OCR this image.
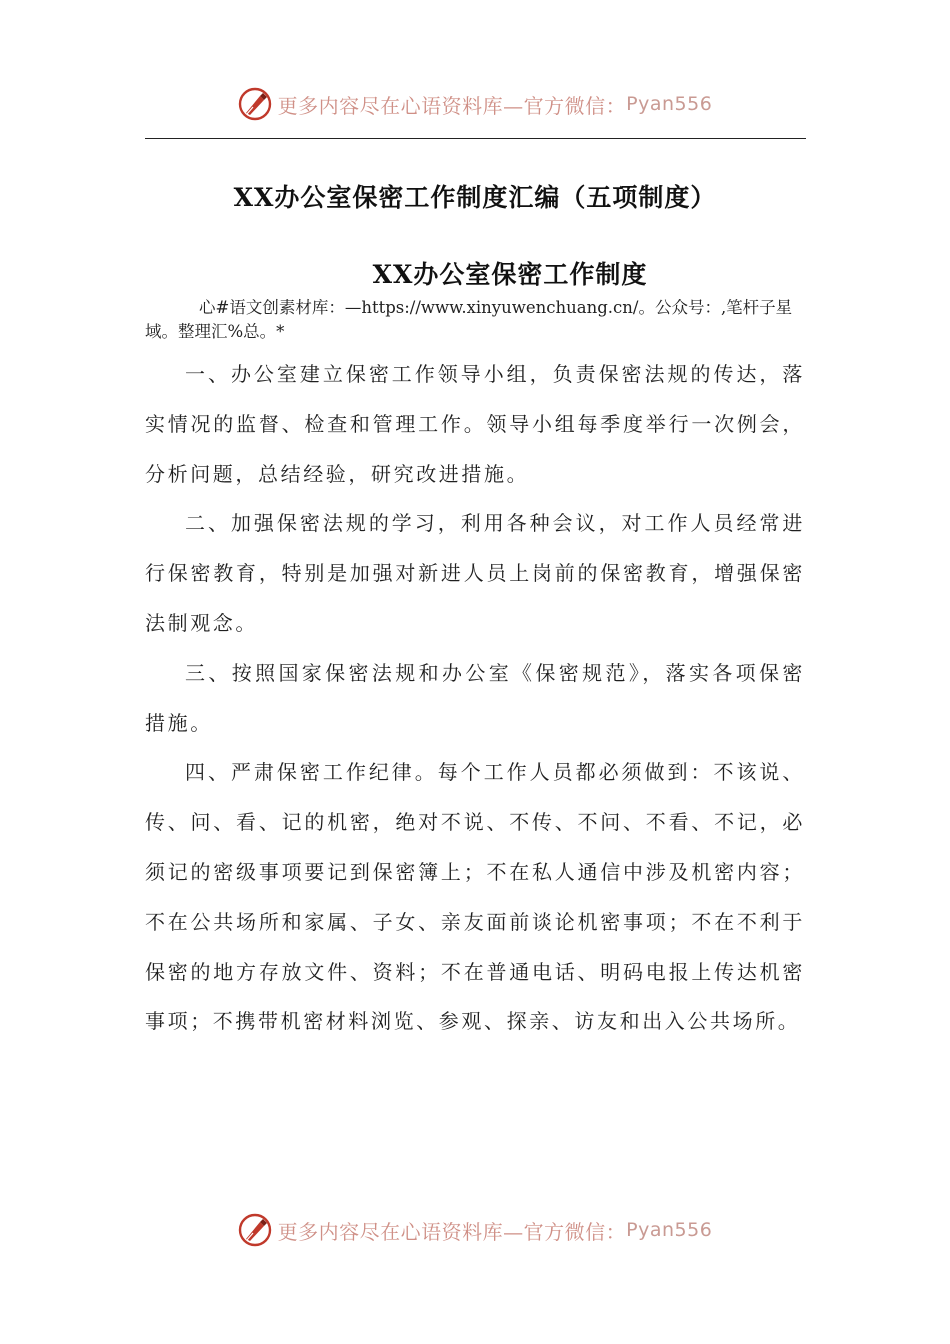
更多内容尽在心语资料库—官方微信： Pyan556
XX办公室保密工作制度汇编（五项制度）
XX办公室保密工作制度
心#语文创素材库：—https://www.xinyuwenchuang.cn/。公众号：,笔杆子星域。整理汇%总。*

一、办公室建立保密工作领导小组，负责保密法规的传达，落实情况的监督、检查和管理工作。领导小组每季度举行一次例会，分析问题，总结经验，研究改进措施。

二、加强保密法规的学习，利用各种会议，对工作人员经常进行保密教育，特别是加强对新进人员上岗前的保密教育，增强保密法制观念。

三、按照国家保密法规和办公室《保密规范》，落实各项保密措施。

四、严肃保密工作纪律。每个工作人员都必须做到：不该说、传、问、看、记的机密，绝对不说、不传、不问、不看、不记，必须记的密级事项要记到保密簿上；不在私人通信中涉及机密内容；不在公共场所和家属、子女、亲友面前谈论机密事项；不在不利于保密的地方存放文件、资料；不在普通电话、明码电报上传达机密事项；不携带机密材料浏览、参观、探亲、访友和出入公共场所。

更多内容尽在心语资料库—官方微信： Pyan556
